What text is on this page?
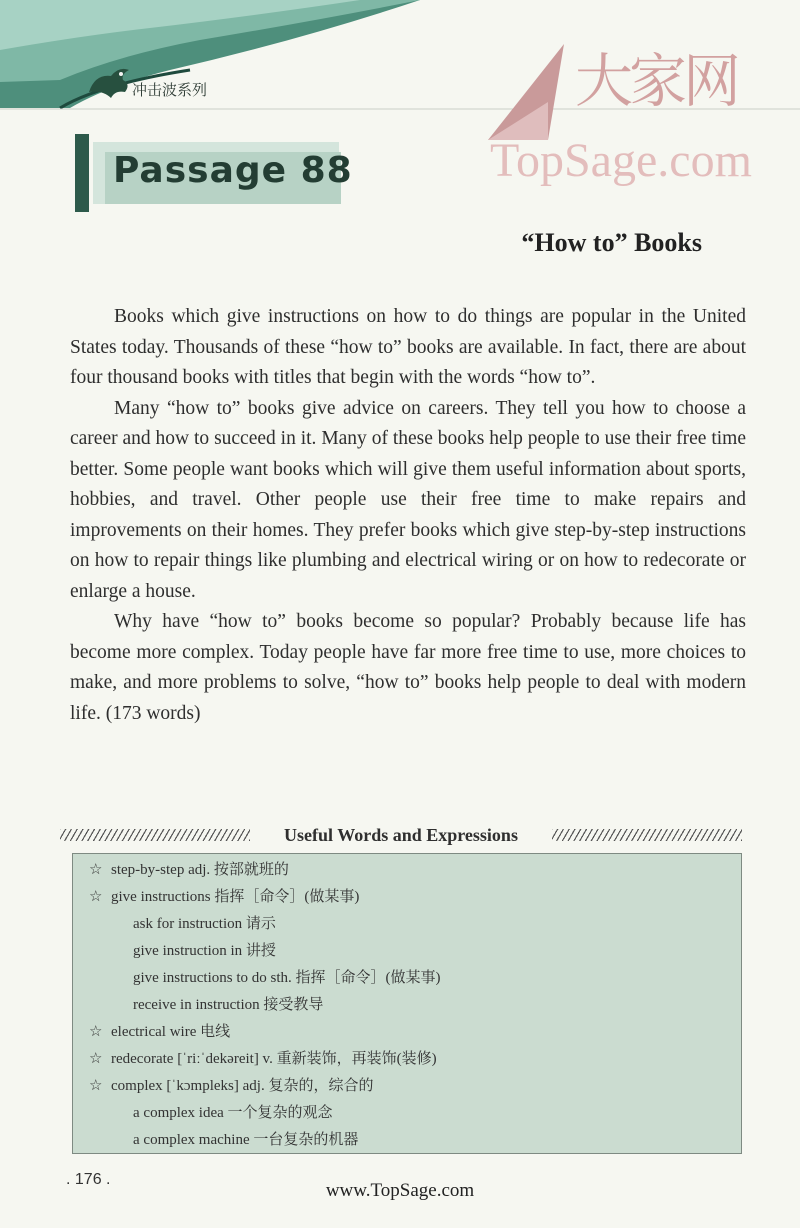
冲击波系列	大家网
TopSage.com
Passage 88
“How to” Books

Books which give instructions on how to do things are popular in the United States today. Thousands of these “how to” books are available. In fact, there are about four thousand books with titles that begin with the words “how to”.

Many “how to” books give advice on careers. They tell you how to choose a career and how to succeed in it. Many of these books help people to use their free time better. Some people want books which will give them useful information about sports, hobbies, and travel. Other people use their free time to make repairs and improvements on their homes. They prefer books which give step-by-step instructions on how to repair things like plumbing and electrical wiring or on how to redecorate or enlarge a house.

Why have “how to” books become so popular? Probably because life has become more complex. Today people have far more free time to use, more choices to make, and more problems to solve, “how to” books help people to deal with modern life. (173 words)

Useful Words and Expressions
☆ step-by-step adj. 按部就班的
☆ give instructions 指挥［命令］(做某事)
ask for instruction 请示
give instruction in 讲授
give instructions to do sth. 指挥［命令］(做某事)
receive in instruction 接受教导
☆ electrical wire 电线
☆ redecorate [ˈriːˈdekəreit] v. 重新装饰，再装饰(装修)
☆ complex [ˈkɔmpleks] adj. 复杂的，综合的
a complex idea 一个复杂的观念
a complex machine 一台复杂的机器
. 176 .
www.TopSage.com
